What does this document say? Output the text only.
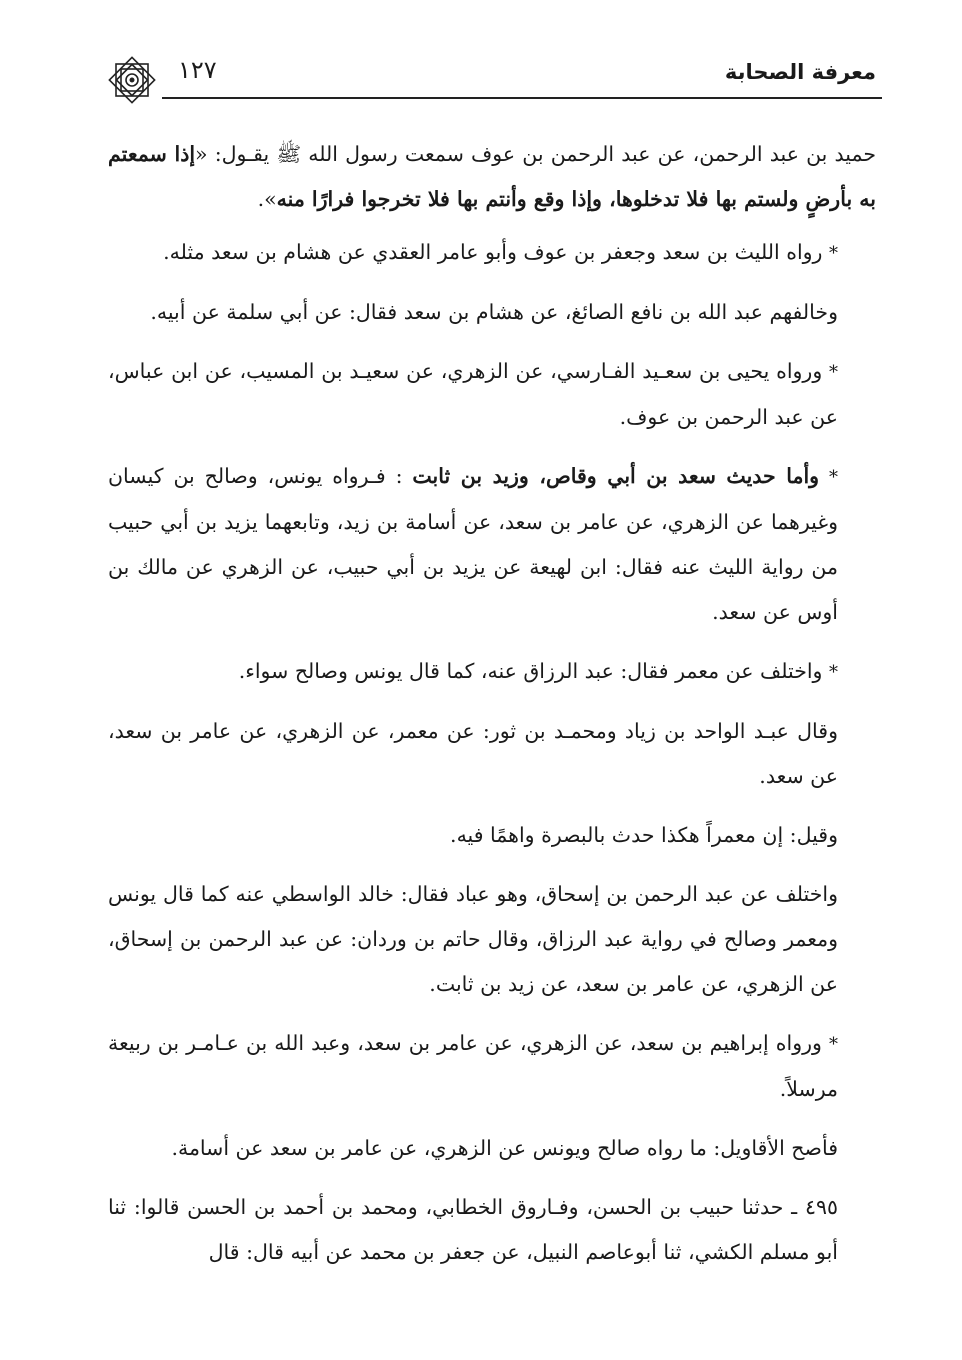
معرفة الصحابة
١٢٧

حميد بن عبد الرحمن، عن عبد الرحمن بن عوف سمعت رسول الله ﷺ يقـول: «إذا سمعتم به بأرضٍ ولستم بها فلا تدخلوها، وإذا وقع وأنتم بها فلا تخرجوا فرارًا منه».

* رواه الليث بن سعد وجعفر بن عوف وأبو عامر العقدي عن هشام بن سعد مثله.

وخالفهم عبد الله بن نافع الصائغ، عن هشام بن سعد فقال: عن أبي سلمة عن أبيه.

* ورواه يحيى بن سعـيد الفـارسي، عن الزهري، عن سعيـد بن المسيب، عن ابن عباس، عن عبد الرحمن بن عوف.

* وأما حديث سعد بن أبي وقاص، وزيد بن ثابت : فـرواه يونس، وصالح بن كيسان وغيرهما عن الزهري، عن عامر بن سعد، عن أسامة بن زيد، وتابعهما يزيد بن أبي حبيب من رواية الليث عنه فقال: ابن لهيعة عن يزيد بن أبي حبيب، عن الزهري عن مالك بن أوس عن سعد.

* واختلف عن معمر فقال: عبد الرزاق عنه، كما قال يونس وصالح سواء.

وقال عبـد الواحد بن زياد ومحمـد بن ثور: عن معمر، عن الزهري، عن عامر بن سعد، عن سعد.

وقيل: إن معمراً هكذا حدث بالبصرة واهمًا فيه.

واختلف عن عبد الرحمن بن إسحاق، وهو عباد فقال: خالد الواسطي عنه كما قال يونس ومعمر وصالح في رواية عبد الرزاق، وقال حاتم بن وردان: عن عبد الرحمن بن إسحاق، عن الزهري، عن عامر بن سعد، عن زيد بن ثابت.

* ورواه إبراهيم بن سعد، عن الزهري، عن عامر بن سعد، وعبد الله بن عـامـر بن ربيعة مرسلاً.

فأصح الأقاويل: ما رواه صالح ويونس عن الزهري، عن عامر بن سعد عن أسامة.

٤٩٥ ـ حدثنا حبيب بن الحسن، وفـاروق الخطابي، ومحمد بن أحمد بن الحسن قالوا: ثنا أبو مسلم الكشي، ثنا أبوعاصم النبيل، عن جعفر بن محمد عن أبيه قال: قال
